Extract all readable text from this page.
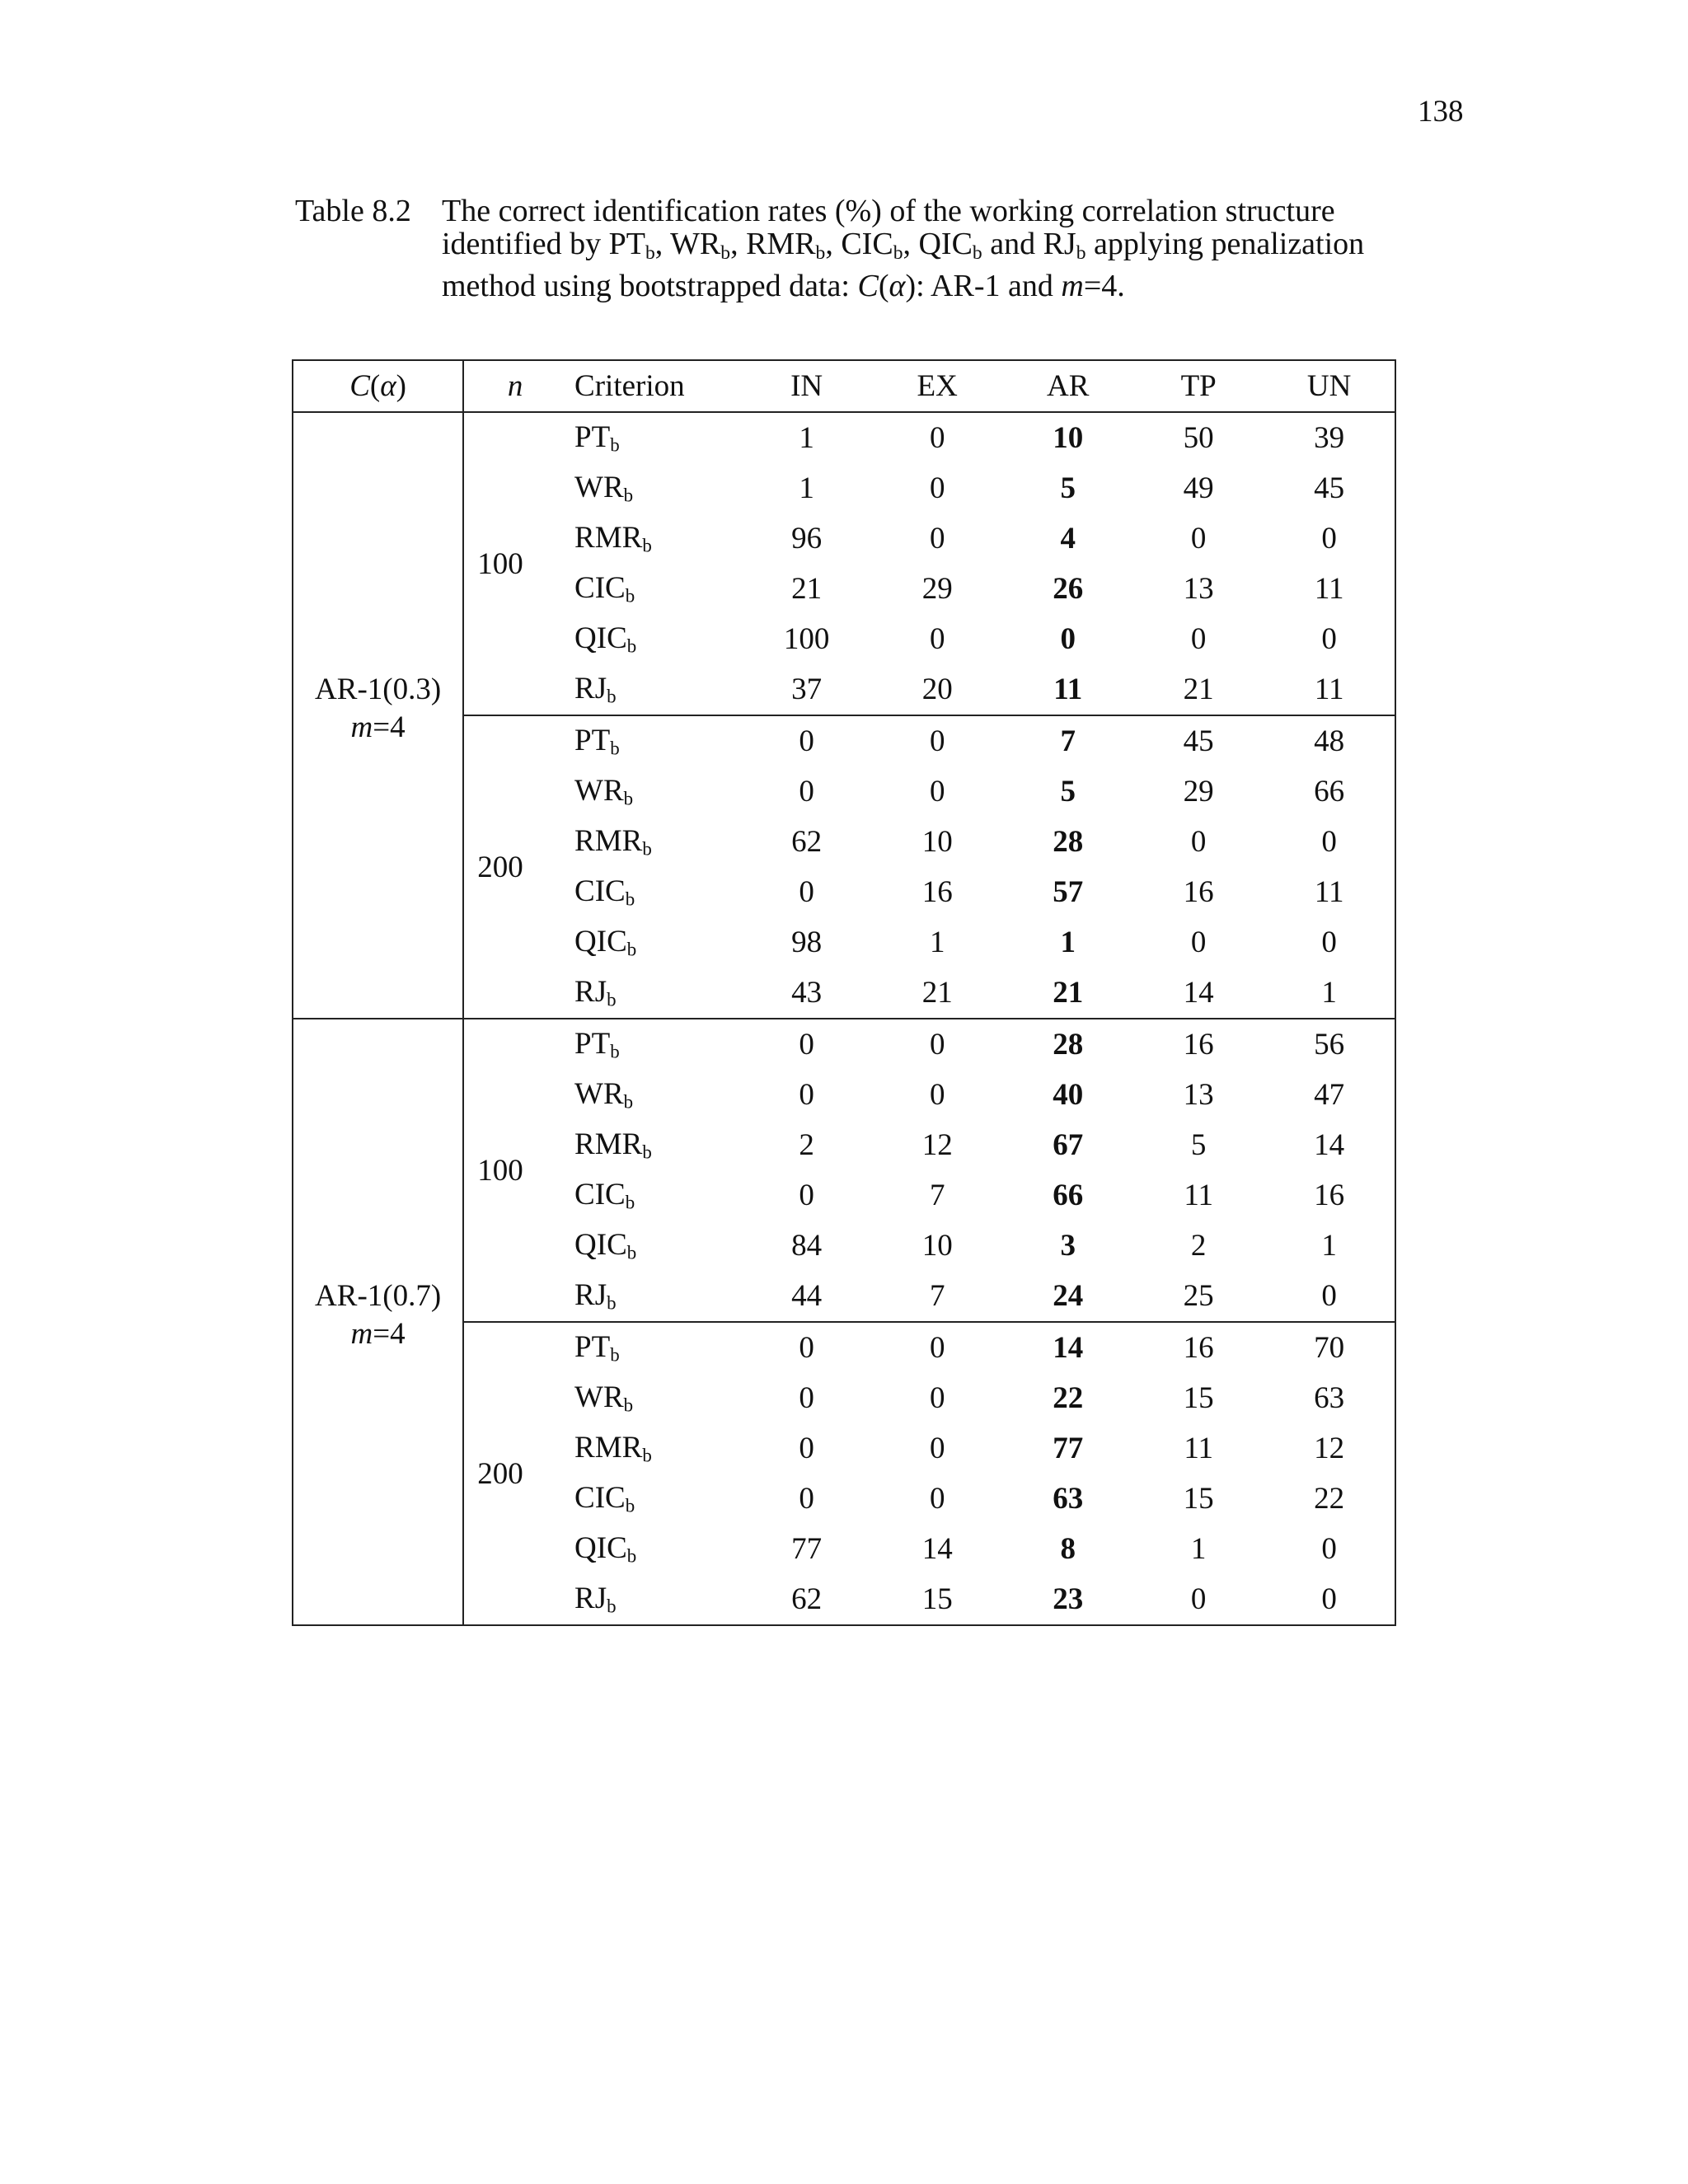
138
Table 8.2 The correct identification rates (%) of the working correlation structure
identified by $PT_b$, $WR_b$, $RMR_b$, $CIC_b$, $QIC_b$ and $RJ_b$ applying penalization
method using bootstrapped data: C(α): AR-1 and m=4.
C(α)	n	Criterion	IN	EX	AR	TP	UN

AR-1(0.3)
m=4	100	$PT_b$	1	0	10	50	39
		$WR_b$	1	0	5	49	45
		$RMR_b$	96	0	4	0	0
		$CIC_b$	21	29	26	13	11
		$QIC_b$	100	0	0	0	0
		$RJ_b$	37	20	11	21	11
	200	$PT_b$	0	0	7	45	48
		$WR_b$	0	0	5	29	66
		$RMR_b$	62	10	28	0	0
		$CIC_b$	0	16	57	16	11
		$QIC_b$	98	1	1	0	0
		$RJ_b$	43	21	21	14	1

AR-1(0.7)
m=4	100	$PT_b$	0	0	28	16	56
		$WR_b$	0	0	40	13	47
		$RMR_b$	2	12	67	5	14
		$CIC_b$	0	7	66	11	16
		$QIC_b$	84	10	3	2	1
		$RJ_b$	44	7	24	25	0
	200	$PT_b$	0	0	14	16	70
		$WR_b$	0	0	22	15	63
		$RMR_b$	0	0	77	11	12
		$CIC_b$	0	0	63	15	22
		$QIC_b$	77	14	8	1	0
		$RJ_b$	62	15	23	0	0
